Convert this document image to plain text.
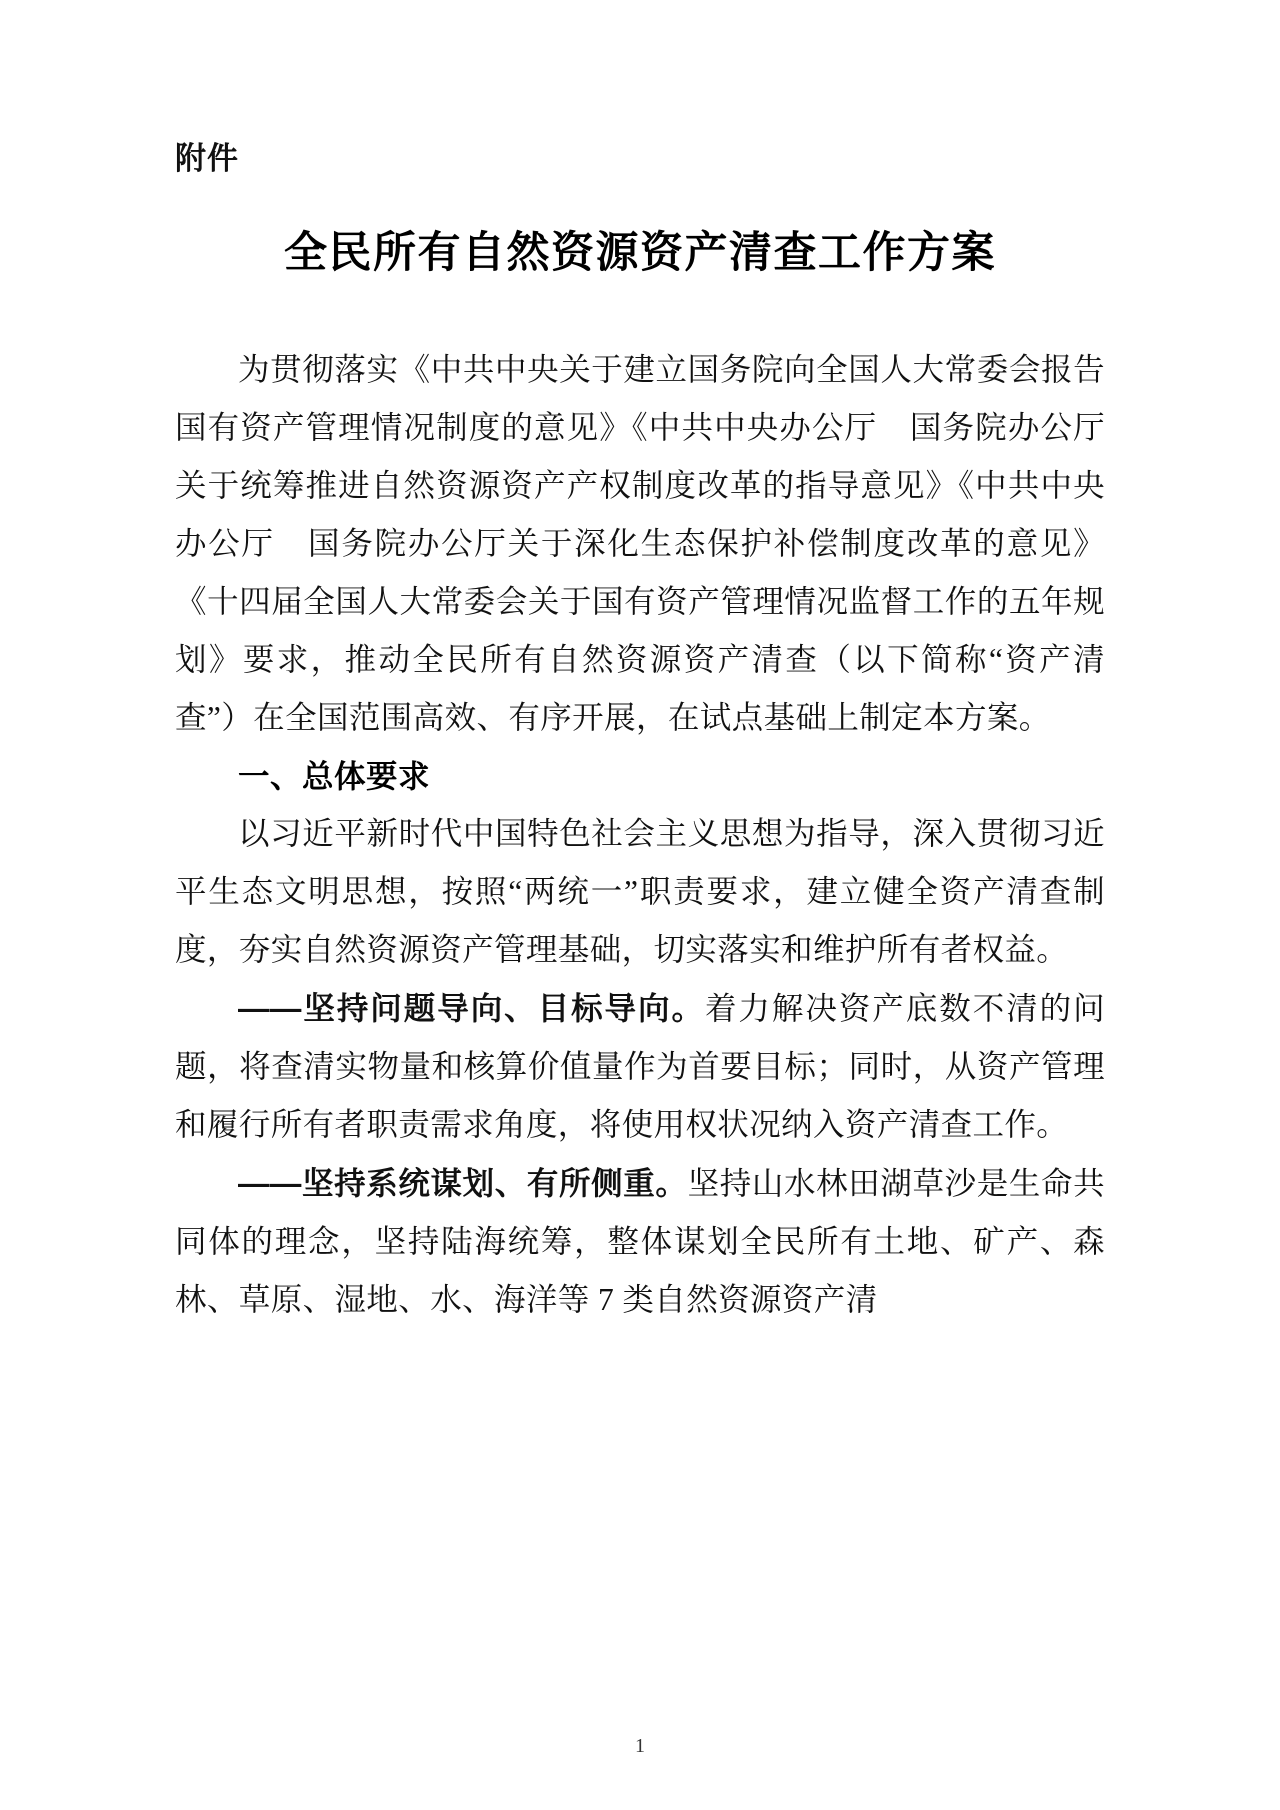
附件
全民所有自然资源资产清查工作方案

为贯彻落实《中共中央关于建立国务院向全国人大常委会报告国有资产管理情况制度的意见》《中共中央办公厅　国务院办公厅关于统筹推进自然资源资产产权制度改革的指导意见》《中共中央办公厅　国务院办公厅关于深化生态保护补偿制度改革的意见》《十四届全国人大常委会关于国有资产管理情况监督工作的五年规划》要求，推动全民所有自然资源资产清查（以下简称“资产清查”）在全国范围高效、有序开展，在试点基础上制定本方案。

一、总体要求

以习近平新时代中国特色社会主义思想为指导，深入贯彻习近平生态文明思想，按照“两统一”职责要求，建立健全资产清查制度，夯实自然资源资产管理基础，切实落实和维护所有者权益。

——坚持问题导向、目标导向。着力解决资产底数不清的问题，将查清实物量和核算价值量作为首要目标；同时，从资产管理和履行所有者职责需求角度，将使用权状况纳入资产清查工作。

——坚持系统谋划、有所侧重。坚持山水林田湖草沙是生命共同体的理念，坚持陆海统筹，整体谋划全民所有土地、矿产、森林、草原、湿地、水、海洋等 7 类自然资源资产清

1
